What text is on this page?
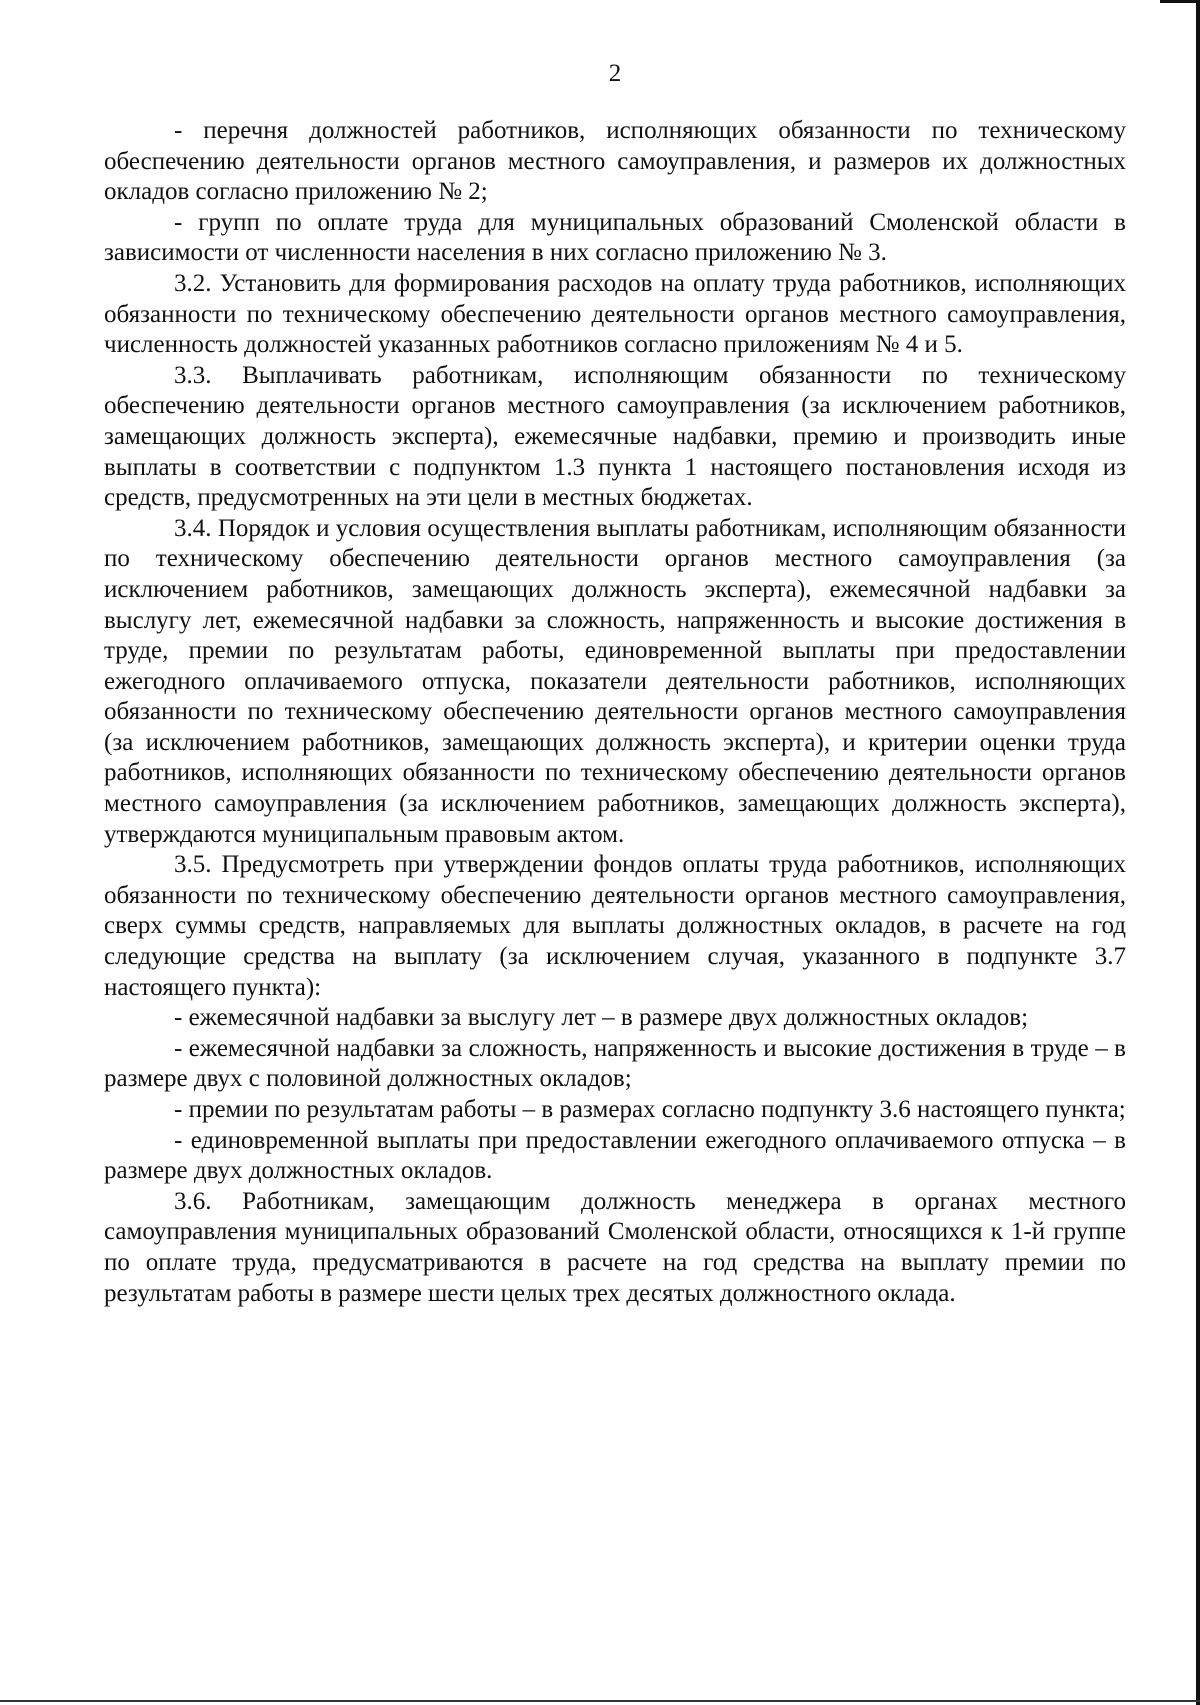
2

- перечня должностей работников, исполняющих обязанности по техническому обеспечению деятельности органов местного самоуправления, и размеров их должностных окладов согласно приложению № 2;

- групп по оплате труда для муниципальных образований Смоленской области в зависимости от численности населения в них согласно приложению № 3.

3.2. Установить для формирования расходов на оплату труда работников, исполняющих обязанности по техническому обеспечению деятельности органов местного самоуправления, численность должностей указанных работников согласно приложениям № 4 и 5.

3.3. Выплачивать работникам, исполняющим обязанности по техническому обеспечению деятельности органов местного самоуправления (за исключением работников, замещающих должность эксперта), ежемесячные надбавки, премию и производить иные выплаты в соответствии с подпунктом 1.3 пункта 1 настоящего постановления исходя из средств, предусмотренных на эти цели в местных бюджетах.

3.4. Порядок и условия осуществления выплаты работникам, исполняющим обязанности по техническому обеспечению деятельности органов местного самоуправления (за исключением работников, замещающих должность эксперта), ежемесячной надбавки за выслугу лет, ежемесячной надбавки за сложность, напряженность и высокие достижения в труде, премии по результатам работы, единовременной выплаты при предоставлении ежегодного оплачиваемого отпуска, показатели деятельности работников, исполняющих обязанности по техническому обеспечению деятельности органов местного самоуправления (за исключением работников, замещающих должность эксперта), и критерии оценки труда работников, исполняющих обязанности по техническому обеспечению деятельности органов местного самоуправления (за исключением работников, замещающих должность эксперта), утверждаются муниципальным правовым актом.

3.5. Предусмотреть при утверждении фондов оплаты труда работников, исполняющих обязанности по техническому обеспечению деятельности органов местного самоуправления, сверх суммы средств, направляемых для выплаты должностных окладов, в расчете на год следующие средства на выплату (за исключением случая, указанного в подпункте 3.7 настоящего пункта):

- ежемесячной надбавки за выслугу лет – в размере двух должностных окладов;

- ежемесячной надбавки за сложность, напряженность и высокие достижения в труде – в размере двух с половиной должностных окладов;

- премии по результатам работы – в размерах согласно подпункту 3.6 настоящего пункта;

- единовременной выплаты при предоставлении ежегодного оплачиваемого отпуска – в размере двух должностных окладов.

3.6. Работникам, замещающим должность менеджера в органах местного самоуправления муниципальных образований Смоленской области, относящихся к 1-й группе по оплате труда, предусматриваются в расчете на год средства на выплату премии по результатам работы в размере шести целых трех десятых должностного оклада.
